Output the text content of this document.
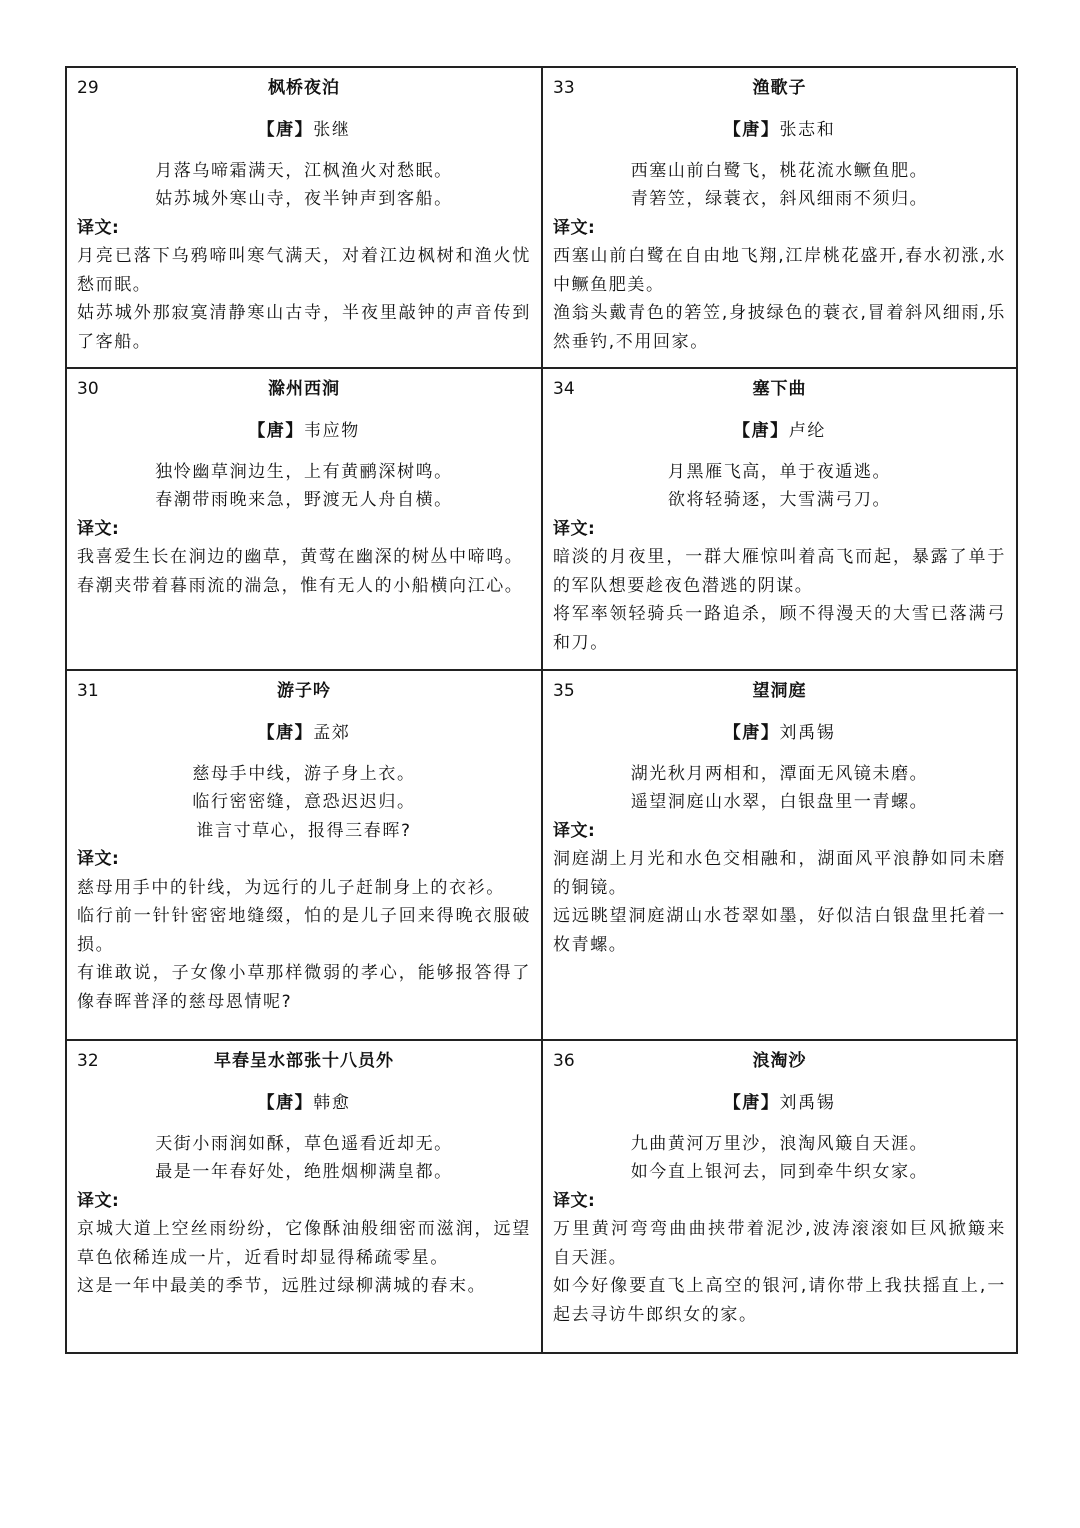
29	枫桥夜泊
【唐】张继
月落乌啼霜满天，江枫渔火对愁眠。
姑苏城外寒山寺，夜半钟声到客船。
译文:
月亮已落下乌鸦啼叫寒气满天，对着江边枫树和渔火忧愁而眠。
姑苏城外那寂寞清静寒山古寺，半夜里敲钟的声音传到了客船。
33	渔歌子
【唐】张志和
西塞山前白鹭飞，桃花流水鳜鱼肥。
青箬笠，绿蓑衣，斜风细雨不须归。
译文:
西塞山前白鹭在自由地飞翔,江岸桃花盛开,春水初涨,水中鳜鱼肥美。
渔翁头戴青色的箬笠,身披绿色的蓑衣,冒着斜风细雨,乐然垂钓,不用回家。
30	滁州西涧
【唐】韦应物
独怜幽草涧边生，上有黄鹂深树鸣。
春潮带雨晚来急，野渡无人舟自横。
译文:
我喜爱生长在涧边的幽草，黄莺在幽深的树丛中啼鸣。
春潮夹带着暮雨流的湍急，惟有无人的小船横向江心。
34	塞下曲
【唐】卢纶
月黑雁飞高，单于夜遁逃。
欲将轻骑逐，大雪满弓刀。
译文:
暗淡的月夜里，一群大雁惊叫着高飞而起，暴露了单于的军队想要趁夜色潜逃的阴谋。
将军率领轻骑兵一路追杀，顾不得漫天的大雪已落满弓和刀。
31	游子吟
【唐】孟郊
慈母手中线，游子身上衣。
临行密密缝，意恐迟迟归。
谁言寸草心，报得三春晖?
译文:
慈母用手中的针线，为远行的儿子赶制身上的衣衫。
临行前一针针密密地缝缀，怕的是儿子回来得晚衣服破损。
有谁敢说，子女像小草那样微弱的孝心，能够报答得了像春晖普泽的慈母恩情呢?
35	望洞庭
【唐】刘禹锡
湖光秋月两相和，潭面无风镜未磨。
遥望洞庭山水翠，白银盘里一青螺。
译文:
洞庭湖上月光和水色交相融和，湖面风平浪静如同未磨的铜镜。
远远眺望洞庭湖山水苍翠如墨，好似洁白银盘里托着一枚青螺。
32	早春呈水部张十八员外
【唐】韩愈
天街小雨润如酥，草色遥看近却无。
最是一年春好处，绝胜烟柳满皇都。
译文:
京城大道上空丝雨纷纷，它像酥油般细密而滋润，远望草色依稀连成一片，近看时却显得稀疏零星。
这是一年中最美的季节，远胜过绿柳满城的春末。
36	浪淘沙
【唐】刘禹锡
九曲黄河万里沙，浪淘风簸自天涯。
如今直上银河去，同到牵牛织女家。
译文:
万里黄河弯弯曲曲挟带着泥沙,波涛滚滚如巨风掀簸来自天涯。
如今好像要直飞上高空的银河,请你带上我扶摇直上,一起去寻访牛郎织女的家。
